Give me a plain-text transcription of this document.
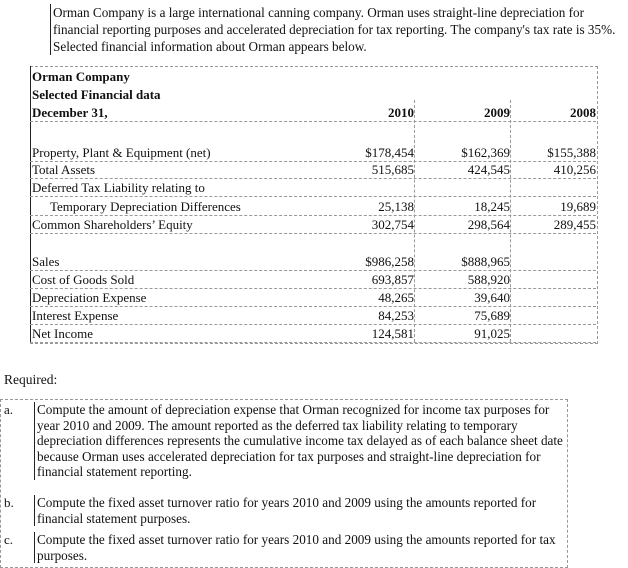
Orman Company is a large international canning company. Orman uses straight-line depreciation for financial reporting purposes and accelerated depreciation for tax reporting. The company's tax rate is 35%. Selected financial information about Orman appears below.
Orman Company
Selected Financial data
December 31,	2010	2009	2008
Property, Plant & Equipment (net)	$178,454	$162,369	$155,388
Total Assets	515,685	424,545	410,256
Deferred Tax Liability relating to
Temporary Depreciation Differences	25,138	18,245	19,689
Common Shareholders’ Equity	302,754	298,564	289,455
Sales	$986,258	$888,965
Cost of Goods Sold	693,857	588,920
Depreciation Expense	48,265	39,640
Interest Expense	84,253	75,689
Net Income	124,581	91,025
Required:
a. Compute the amount of depreciation expense that Orman recognized for income tax purposes for year 2010 and 2009. The amount reported as the deferred tax liability relating to temporary depreciation differences represents the cumulative income tax delayed as of each balance sheet date because Orman uses accelerated depreciation for tax purposes and straight-line depreciation for financial statement reporting.
b. Compute the fixed asset turnover ratio for years 2010 and 2009 using the amounts reported for financial statement purposes.
c. Compute the fixed asset turnover ratio for years 2010 and 2009 using the amounts reported for tax purposes.
